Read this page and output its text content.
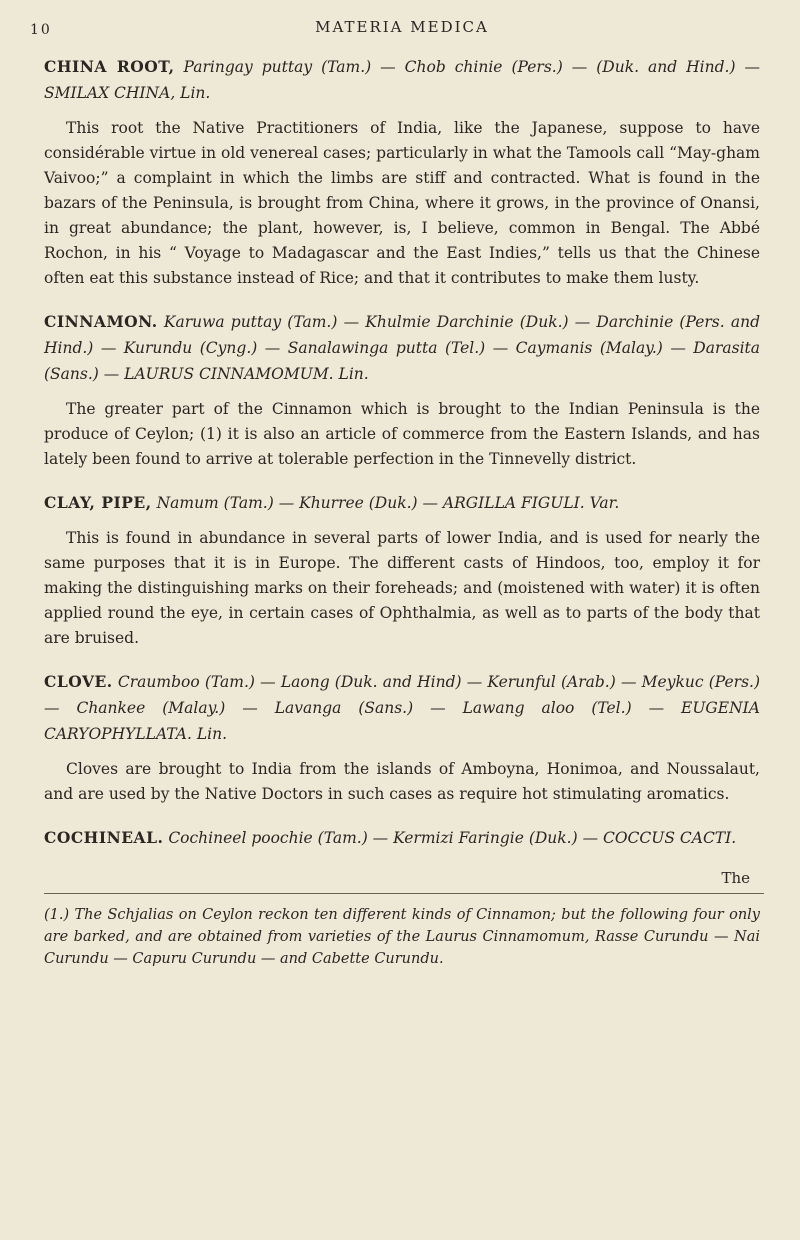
10	MATERIA MEDICA
CHINA ROOT, Paringay puttay (Tam.) — Chob chinie (Pers.) — (Duk. and Hind.) — SMILAX CHINA, Lin.
This root the Native Practitioners of India, like the Japanese, suppose to have considérable virtue in old venereal cases; particularly in what the Tamools call “May-gham Vaivoo;” a complaint in which the limbs are stiff and contracted. What is found in the bazars of the Peninsula, is brought from China, where it grows, in the province of Onansi, in great abundance; the plant, however, is, I believe, common in Bengal. The Abbé Rochon, in his “ Voyage to Madagascar and the East Indies,” tells us that the Chinese often eat this substance instead of Rice; and that it contributes to make them lusty.
CINNAMON. Karuwa puttay (Tam.) — Khulmie Darchinie (Duk.) — Darchinie (Pers. and Hind.) — Kurundu (Cyng.) — Sanalawinga putta (Tel.) — Caymanis (Malay.) — Darasita (Sans.) — LAURUS CINNAMOMUM. Lin.
The greater part of the Cinnamon which is brought to the Indian Peninsula is the produce of Ceylon; (1) it is also an article of commerce from the Eastern Islands, and has lately been found to arrive at tolerable perfection in the Tinnevelly district.
CLAY, PIPE, Namum (Tam.) — Khurree (Duk.) — ARGILLA FIGULI. Var.
This is found in abundance in several parts of lower India, and is used for nearly the same purposes that it is in Europe. The different casts of Hindoos, too, employ it for making the distinguishing marks on their foreheads; and (moistened with water) it is often applied round the eye, in certain cases of Ophthalmia, as well as to parts of the body that are bruised.
CLOVE. Craumboo (Tam.) — Laong (Duk. and Hind) — Kerunful (Arab.) — Meykuc (Pers.) — Chankee (Malay.) — Lavanga (Sans.) — Lawang aloo (Tel.) — EUGENIA CARYOPHYLLATA. Lin.
Cloves are brought to India from the islands of Amboyna, Honimoa, and Noussalaut, and are used by the Native Doctors in such cases as require hot stimulating aromatics.
COCHINEAL. Cochineel poochie (Tam.) — Kermizi Faringie (Duk.) — COCCUS CACTI.
The
(1.) The Schjalias on Ceylon reckon ten different kinds of Cinnamon; but the following four only are barked, and are obtained from varieties of the Laurus Cinnamomum, Rasse Curundu — Nai Curundu — Capuru Curundu — and Cabette Curundu.
